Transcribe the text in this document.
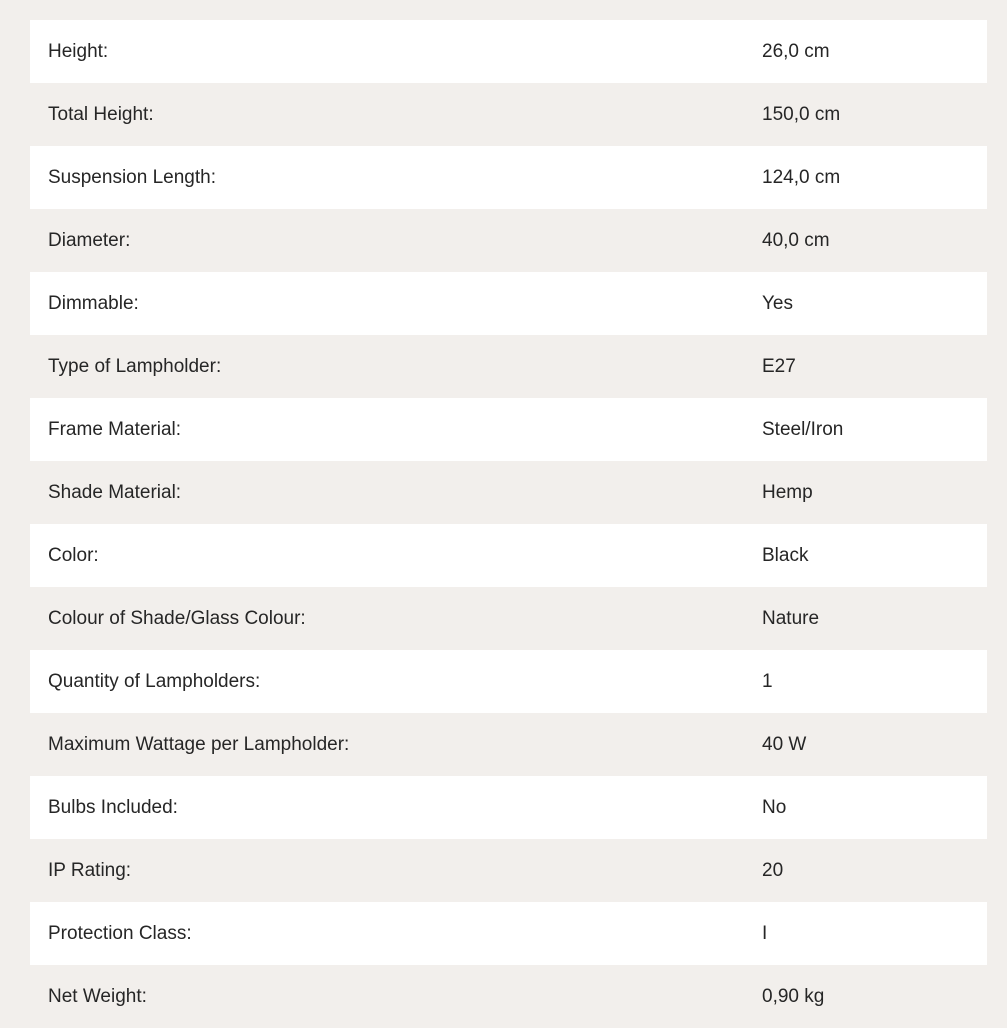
Height:	26,0 cm
Total Height:	150,0 cm
Suspension Length:	124,0 cm
Diameter:	40,0 cm
Dimmable:	Yes
Type of Lampholder:	E27
Frame Material:	Steel/Iron
Shade Material:	Hemp
Color:	Black
Colour of Shade/Glass Colour:	Nature
Quantity of Lampholders:	1
Maximum Wattage per Lampholder:	40 W
Bulbs Included:	No
IP Rating:	20
Protection Class:	I
Net Weight:	0,90 kg
